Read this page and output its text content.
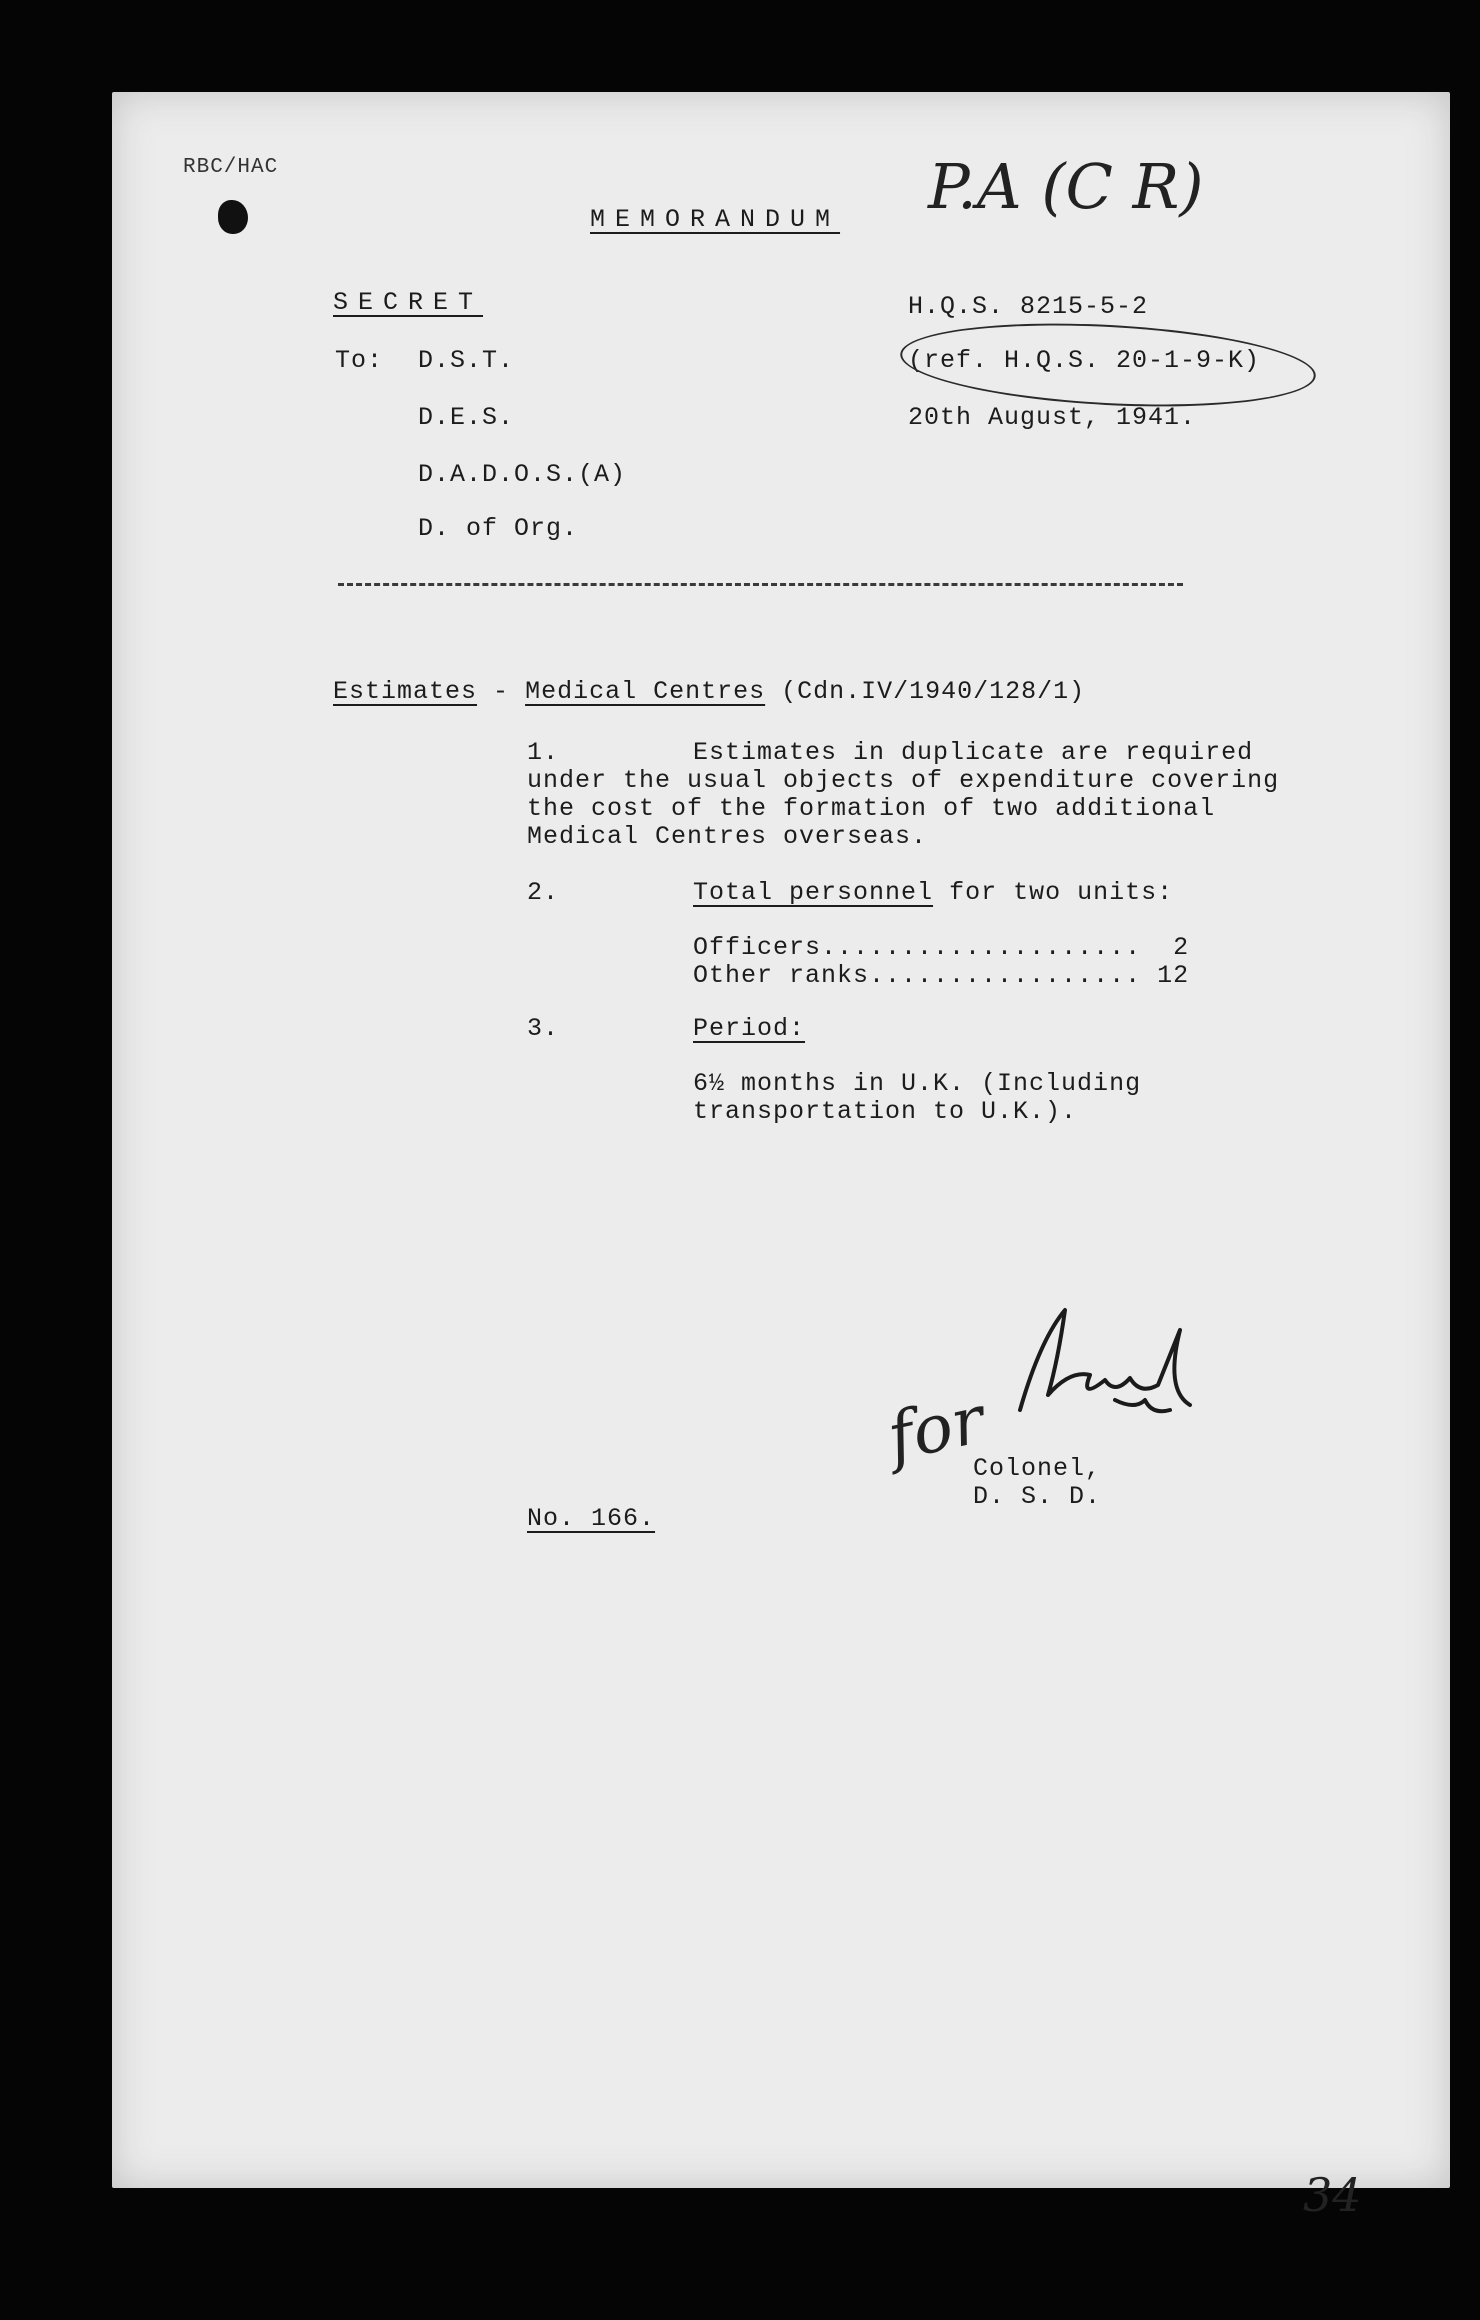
RBC/HAC
MEMORANDUM P.A (C R)
SECRET	H.Q.S. 8215-5-2
(ref. H.Q.S. 20-1-9-K)
20th August, 1941.
To: D.S.T.
D.E.S.
D.A.D.O.S.(A)
D. of Org.
Estimates - Medical Centres (Cdn.IV/1940/128/1)
1.	Estimates in duplicate are required
under the usual objects of expenditure covering
the cost of the formation of two additional
Medical Centres overseas.
2.	Total personnel for two units:
Officers.................... 2
Other ranks................. 12
3.	Period:
6½ months in U.K. (Including
transportation to U.K.).
for
Colonel,
D. S. D.
No. 166.
34
